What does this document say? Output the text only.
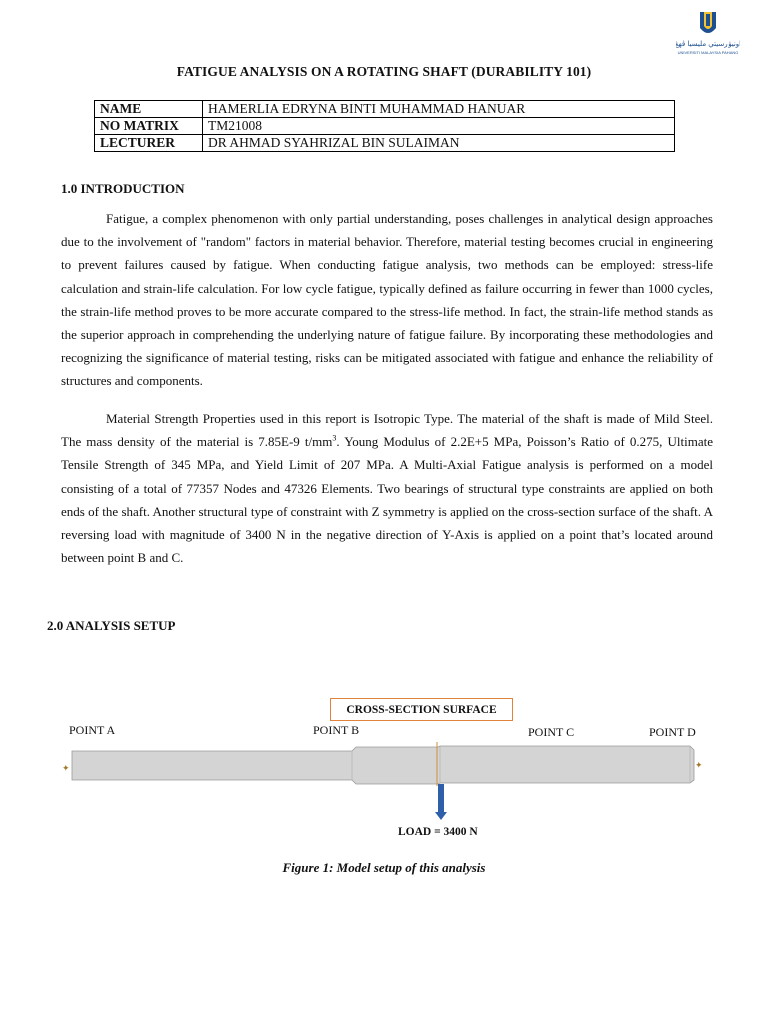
اونيۏرسيتي مليسيا ڤهڠ
UNIVERSITI MALAYSIA PAHANG
FATIGUE ANALYSIS ON A ROTATING SHAFT (DURABILITY 101)
NAME	HAMERLIA EDRYNA BINTI MUHAMMAD HANUAR
NO MATRIX	TM21008
LECTURER	DR AHMAD SYAHRIZAL BIN SULAIMAN
1.0 INTRODUCTION

Fatigue, a complex phenomenon with only partial understanding, poses challenges in analytical design approaches due to the involvement of "random" factors in material behavior. Therefore, material testing becomes crucial in engineering to prevent failures caused by fatigue. When conducting fatigue analysis, two methods can be employed: stress-life calculation and strain-life calculation. For low cycle fatigue, typically defined as failure occurring in fewer than 1000 cycles, the strain-life method proves to be more accurate compared to the stress-life method. In fact, the strain-life method stands as the superior approach in comprehending the underlying nature of fatigue failure. By incorporating these methodologies and recognizing the significance of material testing, risks can be mitigated associated with fatigue and enhance the reliability of structures and components.

Material Strength Properties used in this report is Isotropic Type. The material of the shaft is made of Mild Steel. The mass density of the material is 7.85E-9 $t/mm^3$. Young Modulus of 2.2E+5 MPa, Poisson’s Ratio of 0.275, Ultimate Tensile Strength of 345 MPa, and Yield Limit of 207 MPa. A Multi-Axial Fatigue analysis is performed on a model consisting of a total of 77357 Nodes and 47326 Elements. Two bearings of structural type constraints are applied on both ends of the shaft. Another structural type of constraint with Z symmetry is applied on the cross-section surface of the shaft. A reversing load with magnitude of 3400 N in the negative direction of Y-Axis is applied on a point that’s located around between point B and C.

2.0 ANALYSIS SETUP
CROSS-SECTION SURFACE
POINT A	POINT B	POINT C	POINT D
✦	✦
LOAD = 3400 N
Figure 1: Model setup of this analysis
